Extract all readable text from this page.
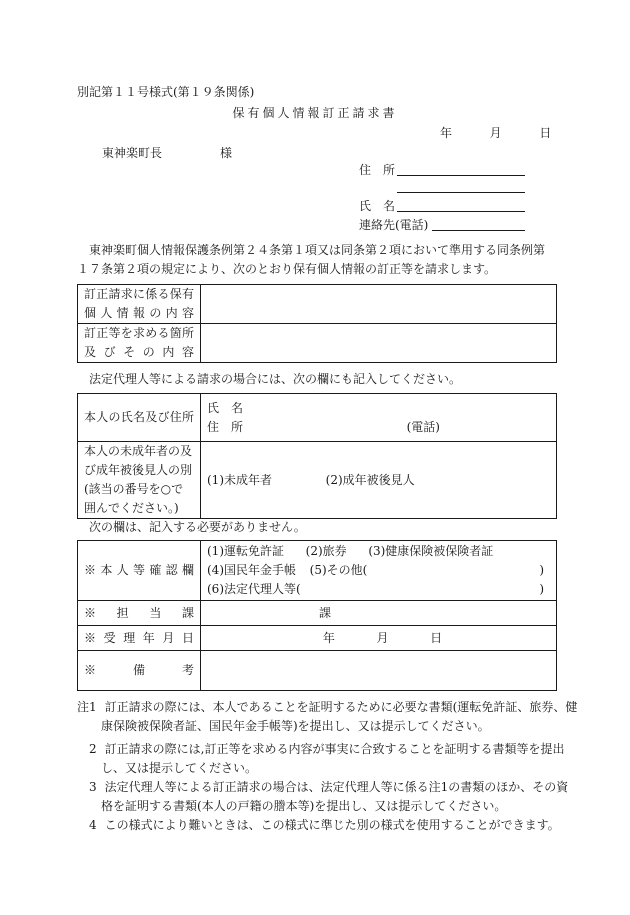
別記第１１号様式(第１９条関係)
保有個人情報訂正請求書
年	月	日
東神楽町長	様
住　所
氏　名
連絡先(電話)
東神楽町個人情報保護条例第２４条第１項又は同条第２項において準用する同条例第１７条第２項の規定により、次のとおり保有個人情報の訂正等を請求します。
訂正請求に係る保有
個人情報の内容	

訂正等を求める箇所
及びその内容	

法定代理人等による請求の場合には、次の欄にも記入してください。
本人の氏名及び住所	氏　名
住　所 (電話)

本人の未成年者の及
び成年被後見人の別
(該当の番号を○で
囲んでください。)	(1)未成年者 (2)成年被後見人
次の欄は、記入する必要がありません。
※本人等確認欄	(1)運転免許証 (2)旅券 (3)健康保険被保険者証
(4)国民年金手帳 (5)その他( )
(6)法定代理人等( )

※担当課	課

※受理年月日	年 月 日

※備考	

注1 訂正請求の際には、本人であることを証明するために必要な書類(運転免許証、旅券、健康保険被保険者証、国民年金手帳等)を提出し、又は提示してください。
2 訂正請求の際には,訂正等を求める内容が事実に合致することを証明する書類等を提出し、又は提示してください。
3 法定代理人等による訂正請求の場合は、法定代理人等に係る注1の書類のほか、その資格を証明する書類(本人の戸籍の謄本等)を提出し、又は提示してください。
4 この様式により難いときは、この様式に準じた別の様式を使用することができます。
